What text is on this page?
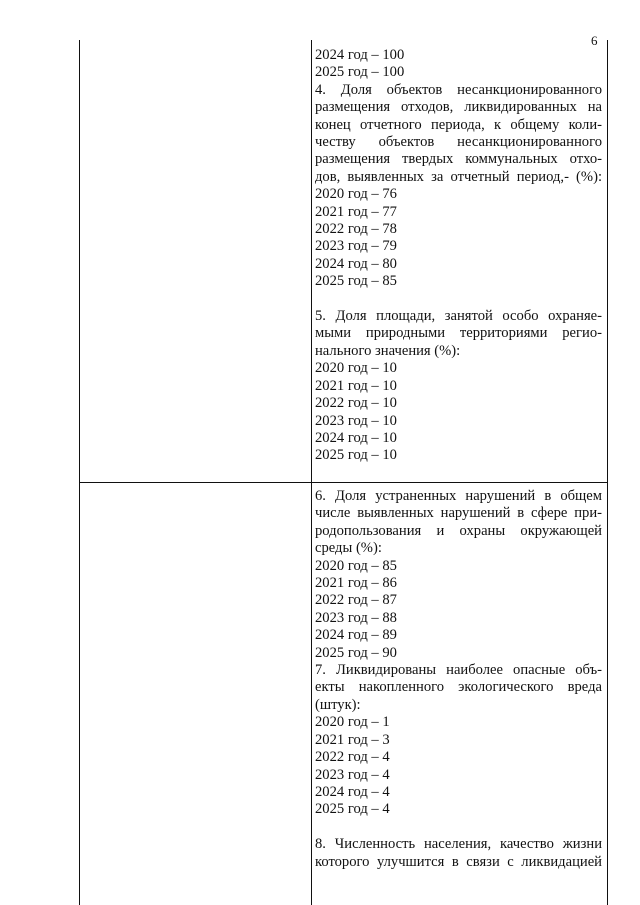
6

2024 год – 100

2025 год – 100

4. Доля объектов несанкционированного

размещения отходов, ликвидированных на

конец отчетного периода, к общему коли-

честву объектов несанкционированного

размещения твердых коммунальных отхо-

дов, выявленных за отчетный период,- (%):

2020 год – 76

2021 год – 77

2022 год – 78

2023 год – 79

2024 год – 80

2025 год – 85

5. Доля площади, занятой особо охраняе-

мыми природными территориями регио-

нального значения (%):

2020 год – 10

2021 год – 10

2022 год – 10

2023 год – 10

2024 год – 10

2025 год – 10

6. Доля устраненных нарушений в общем

числе выявленных нарушений в сфере при-

родопользования и охраны окружающей

среды (%):

2020 год – 85

2021 год – 86

2022 год – 87

2023 год – 88

2024 год – 89

2025 год – 90

7. Ликвидированы наиболее опасные объ-

екты накопленного экологического вреда

(штук):

2020 год – 1

2021 год – 3

2022 год – 4

2023 год – 4

2024 год – 4

2025 год – 4

8. Численность населения, качество жизни

которого улучшится в связи с ликвидацией
